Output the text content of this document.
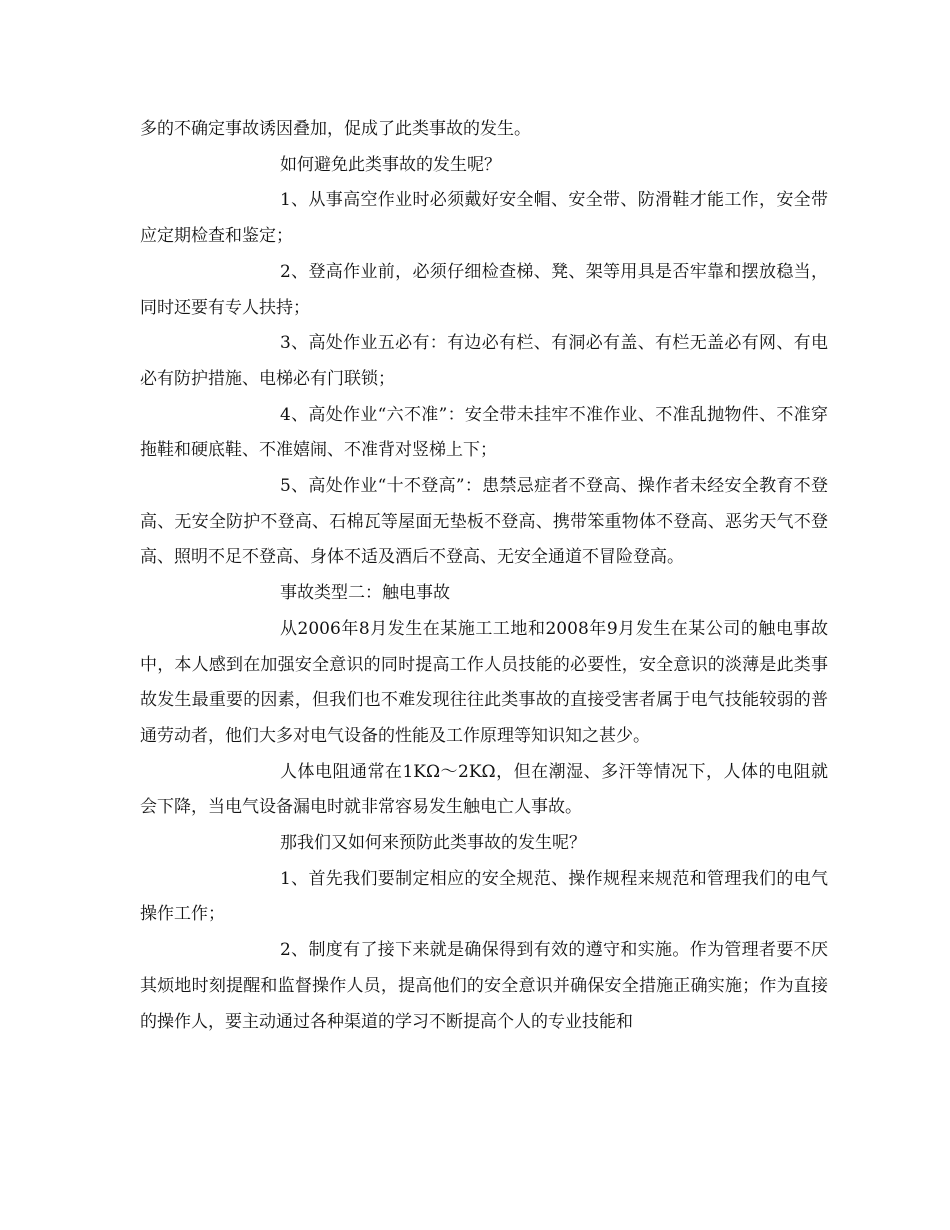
多的不确定事故诱因叠加，促成了此类事故的发生。

如何避免此类事故的发生呢？

1、从事高空作业时必须戴好安全帽、安全带、防滑鞋才能工作，安全带应定期检查和鉴定；

2、登高作业前，必须仔细检查梯、凳、架等用具是否牢靠和摆放稳当，同时还要有专人扶持；

3、高处作业五必有：有边必有栏、有洞必有盖、有栏无盖必有网、有电必有防护措施、电梯必有门联锁；

4、高处作业“六不准”：安全带未挂牢不准作业、不准乱抛物件、不准穿拖鞋和硬底鞋、不准嬉闹、不准背对竖梯上下；

5、高处作业“十不登高”：患禁忌症者不登高、操作者未经安全教育不登高、无安全防护不登高、石棉瓦等屋面无垫板不登高、携带笨重物体不登高、恶劣天气不登高、照明不足不登高、身体不适及酒后不登高、无安全通道不冒险登高。

事故类型二：触电事故

从2006年8月发生在某施工工地和2008年9月发生在某公司的触电事故中，本人感到在加强安全意识的同时提高工作人员技能的必要性，安全意识的淡薄是此类事故发生最重要的因素，但我们也不难发现往往此类事故的直接受害者属于电气技能较弱的普通劳动者，他们大多对电气设备的性能及工作原理等知识知之甚少。

人体电阻通常在1KΩ～2KΩ，但在潮湿、多汗等情况下，人体的电阻就会下降，当电气设备漏电时就非常容易发生触电亡人事故。

那我们又如何来预防此类事故的发生呢？

1、首先我们要制定相应的安全规范、操作规程来规范和管理我们的电气操作工作；

2、制度有了接下来就是确保得到有效的遵守和实施。作为管理者要不厌其烦地时刻提醒和监督操作人员，提高他们的安全意识并确保安全措施正确实施；作为直接的操作人，要主动通过各种渠道的学习不断提高个人的专业技能和
